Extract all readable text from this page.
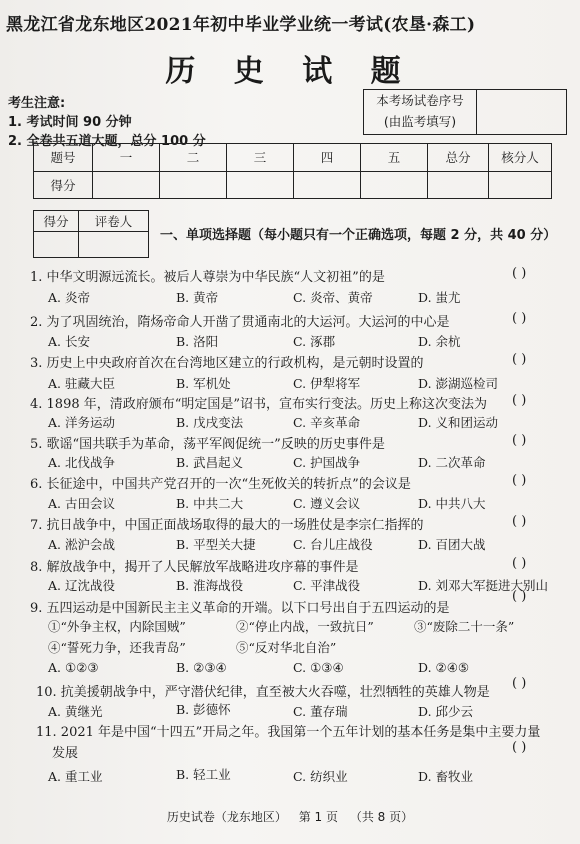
黑龙江省龙东地区2021年初中毕业学业统一考试(农垦·森工)
历 史 试 题
考生注意:
1. 考试时间 90 分钟
2. 全卷共五道大题，总分 100 分
本考场试卷序号
(由监考填写)
题号	一	二	三	四	五	总分	核分人
得分							
得分	评卷人

一、单项选择题（每小题只有一个正确选项，每题 2 分，共 40 分）
1. 中华文明源远流长。被后人尊崇为中华民族“人文初祖”的是	( )
A. 炎帝	B. 黄帝	C. 炎帝、黄帝	D. 蚩尤
2. 为了巩固统治，隋炀帝命人开凿了贯通南北的大运河。大运河的中心是	( )
A. 长安	B. 洛阳	C. 涿郡	D. 余杭
3. 历史上中央政府首次在台湾地区建立的行政机构，是元朝时设置的	( )
A. 驻藏大臣	B. 军机处	C. 伊犁将军	D. 澎湖巡检司
4. 1898 年，清政府颁布“明定国是”诏书，宣布实行变法。历史上称这次变法为 ( )
A. 洋务运动	B. 戊戌变法	C. 辛亥革命	D. 义和团运动
5. 歌谣“国共联手为革命，荡平军阀促统一”反映的历史事件是	( )
A. 北伐战争	B. 武昌起义	C. 护国战争	D. 二次革命
6. 长征途中，中国共产党召开的一次“生死攸关的转折点”的会议是	( )
A. 古田会议	B. 中共二大	C. 遵义会议	D. 中共八大
7. 抗日战争中，中国正面战场取得的最大的一场胜仗是李宗仁指挥的	( )
A. 淞沪会战	B. 平型关大捷	C. 台儿庄战役	D. 百团大战
8. 解放战争中，揭开了人民解放军战略进攻序幕的事件是	( )
A. 辽沈战役	B. 淮海战役	C. 平津战役	D. 刘邓大军挺进大别山
9. 五四运动是中国新民主主义革命的开端。以下口号出自于五四运动的是
( )
①“外争主权，内除国贼”	②“停止内战，一致抗日”	③“废除二十一条”
④“誓死力争，还我青岛”	⑤“反对华北自治”
A. ①②③	B. ②③④	C. ①③④	D. ②④⑤
10. 抗美援朝战争中，严守潜伏纪律，直至被大火吞噬，壮烈牺牲的英雄人物是
( )
A. 黄继光	B. 彭德怀	C. 董存瑞	D. 邱少云
11. 2021 年是中国“十四五”开局之年。我国第一个五年计划的基本任务是集中主要力量
发展	( )
A. 重工业	B. 轻工业	C. 纺织业	D. 畜牧业
历史试卷（龙东地区） 第 1 页 （共 8 页）
